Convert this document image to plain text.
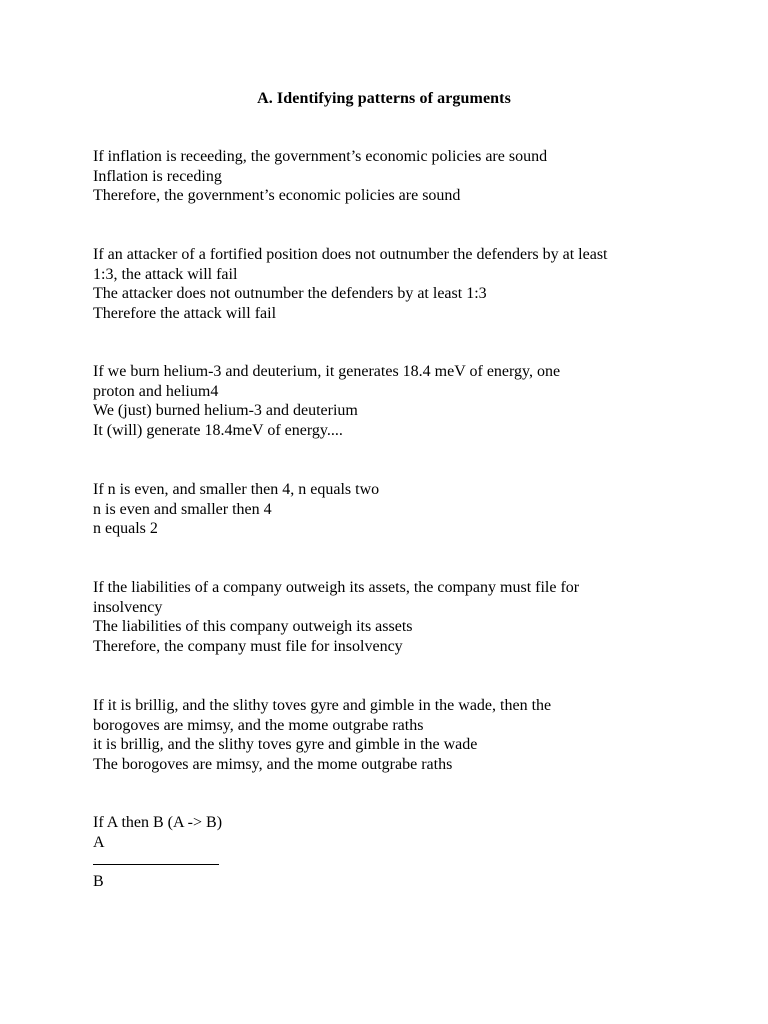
A. Identifying patterns of arguments
If inflation is receeding, the government’s economic policies are sound
Inflation is receding
Therefore, the government’s economic policies are sound
If an attacker of a fortified position does not outnumber the defenders by at least
1:3, the attack will fail
The attacker does not outnumber the defenders by at least 1:3
Therefore the attack will fail
If we burn helium-3 and deuterium, it generates 18.4 meV of energy, one
proton and helium4
We (just) burned helium-3 and deuterium
It (will) generate 18.4meV of energy....
If n is even, and smaller then 4, n equals two
n is even and smaller then 4
n equals 2
If the liabilities of a company outweigh its assets, the company must file for
insolvency
The liabilities of this company outweigh its assets
Therefore, the company must file for insolvency
If it is brillig, and the slithy toves gyre and gimble in the wade, then the
borogoves are mimsy, and the mome outgrabe raths
it is brillig, and the slithy toves gyre and gimble in the wade
The borogoves are mimsy, and the mome outgrabe raths
If A then B (A -> B)
A
B
